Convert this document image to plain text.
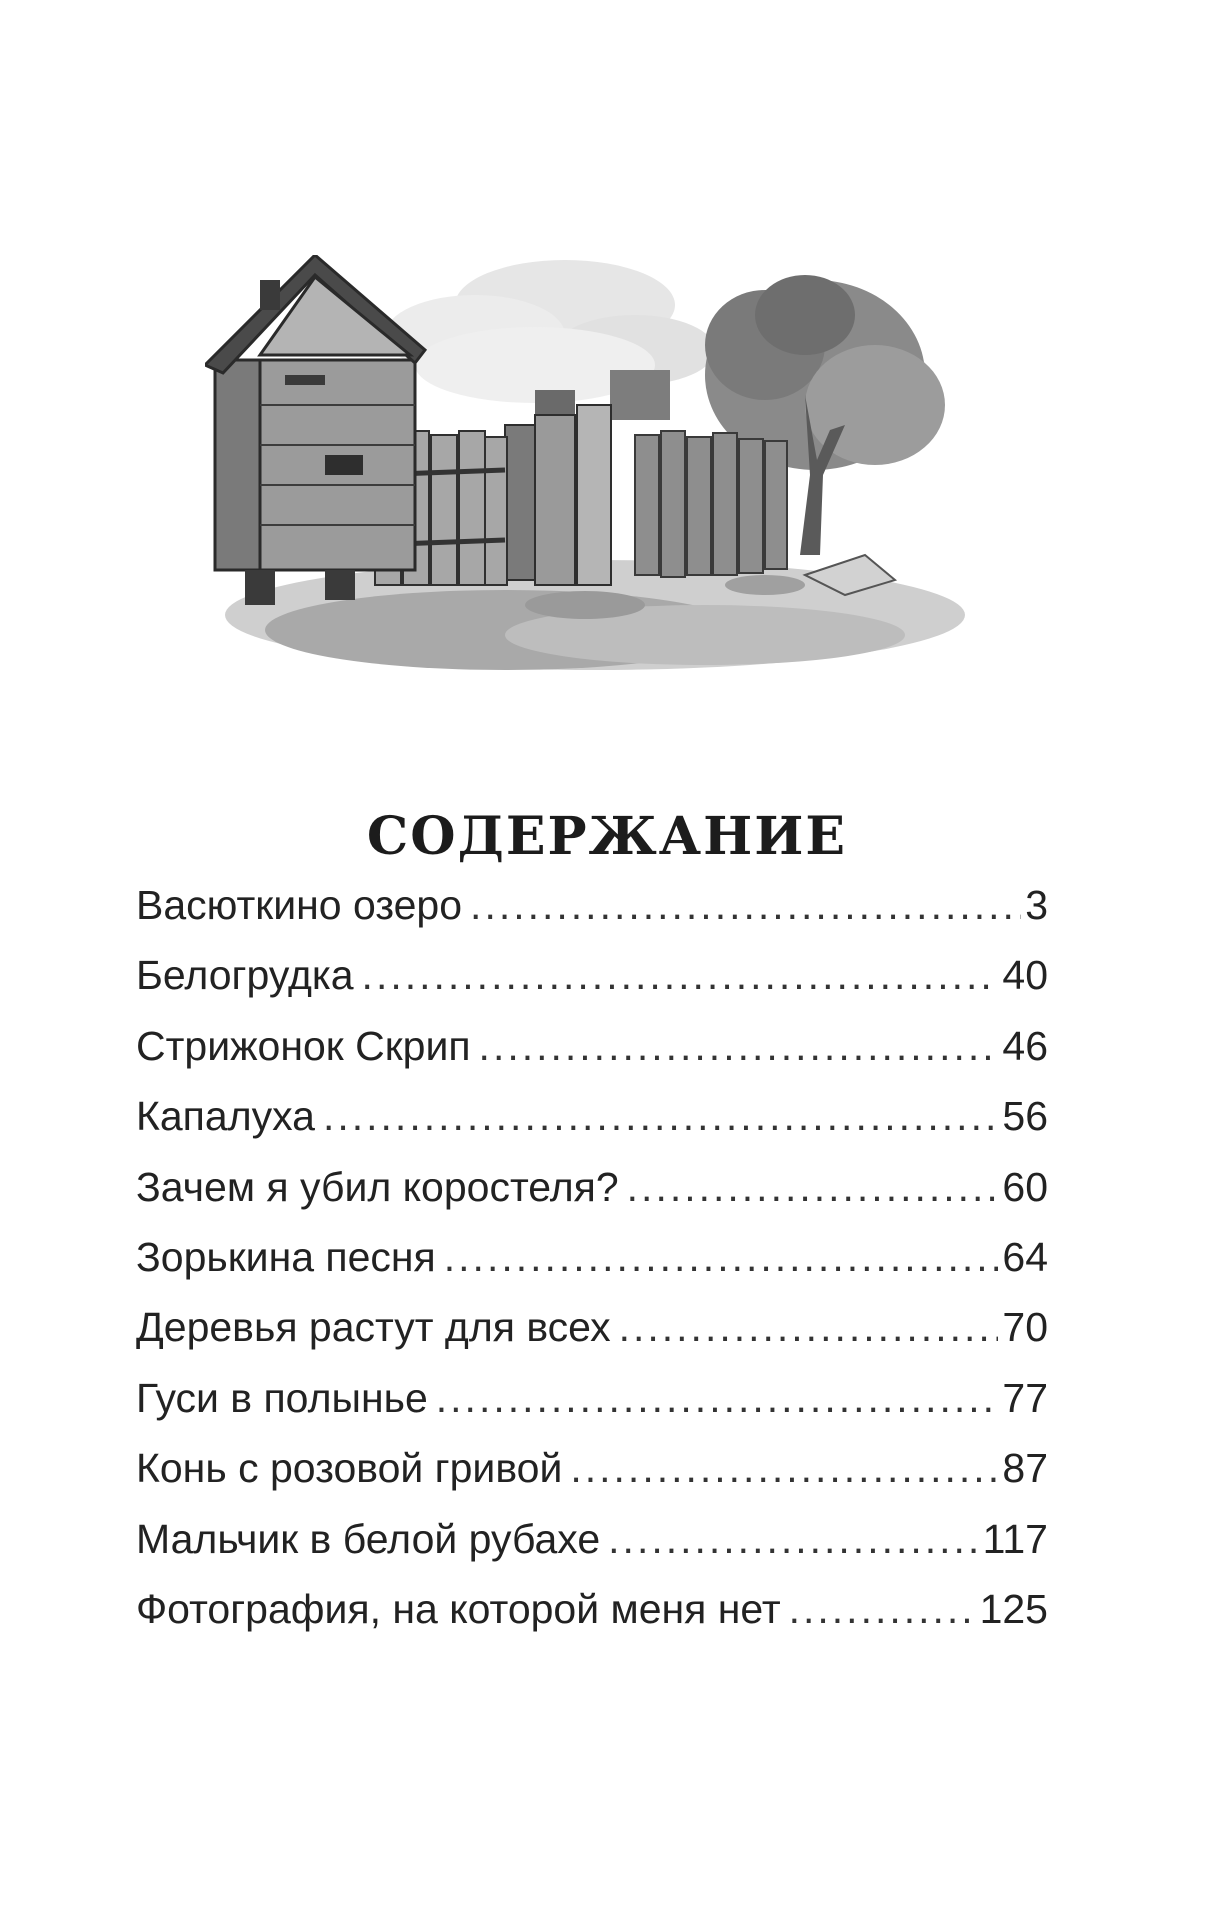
СОДЕРЖАНИЕ
Васюткино озеро .....	3
Белогрудка .....	40
Стрижонок Скрип .....	46
Капалуха .....	56
Зачем я убил коростеля? .....	60
Зорькина песня .....	64
Деревья растут для всех .....	70
Гуси в полынье .....	77
Конь с розовой гривой .....	87
Мальчик в белой рубахе .....	117
Фотография, на которой меня нет .....	125
